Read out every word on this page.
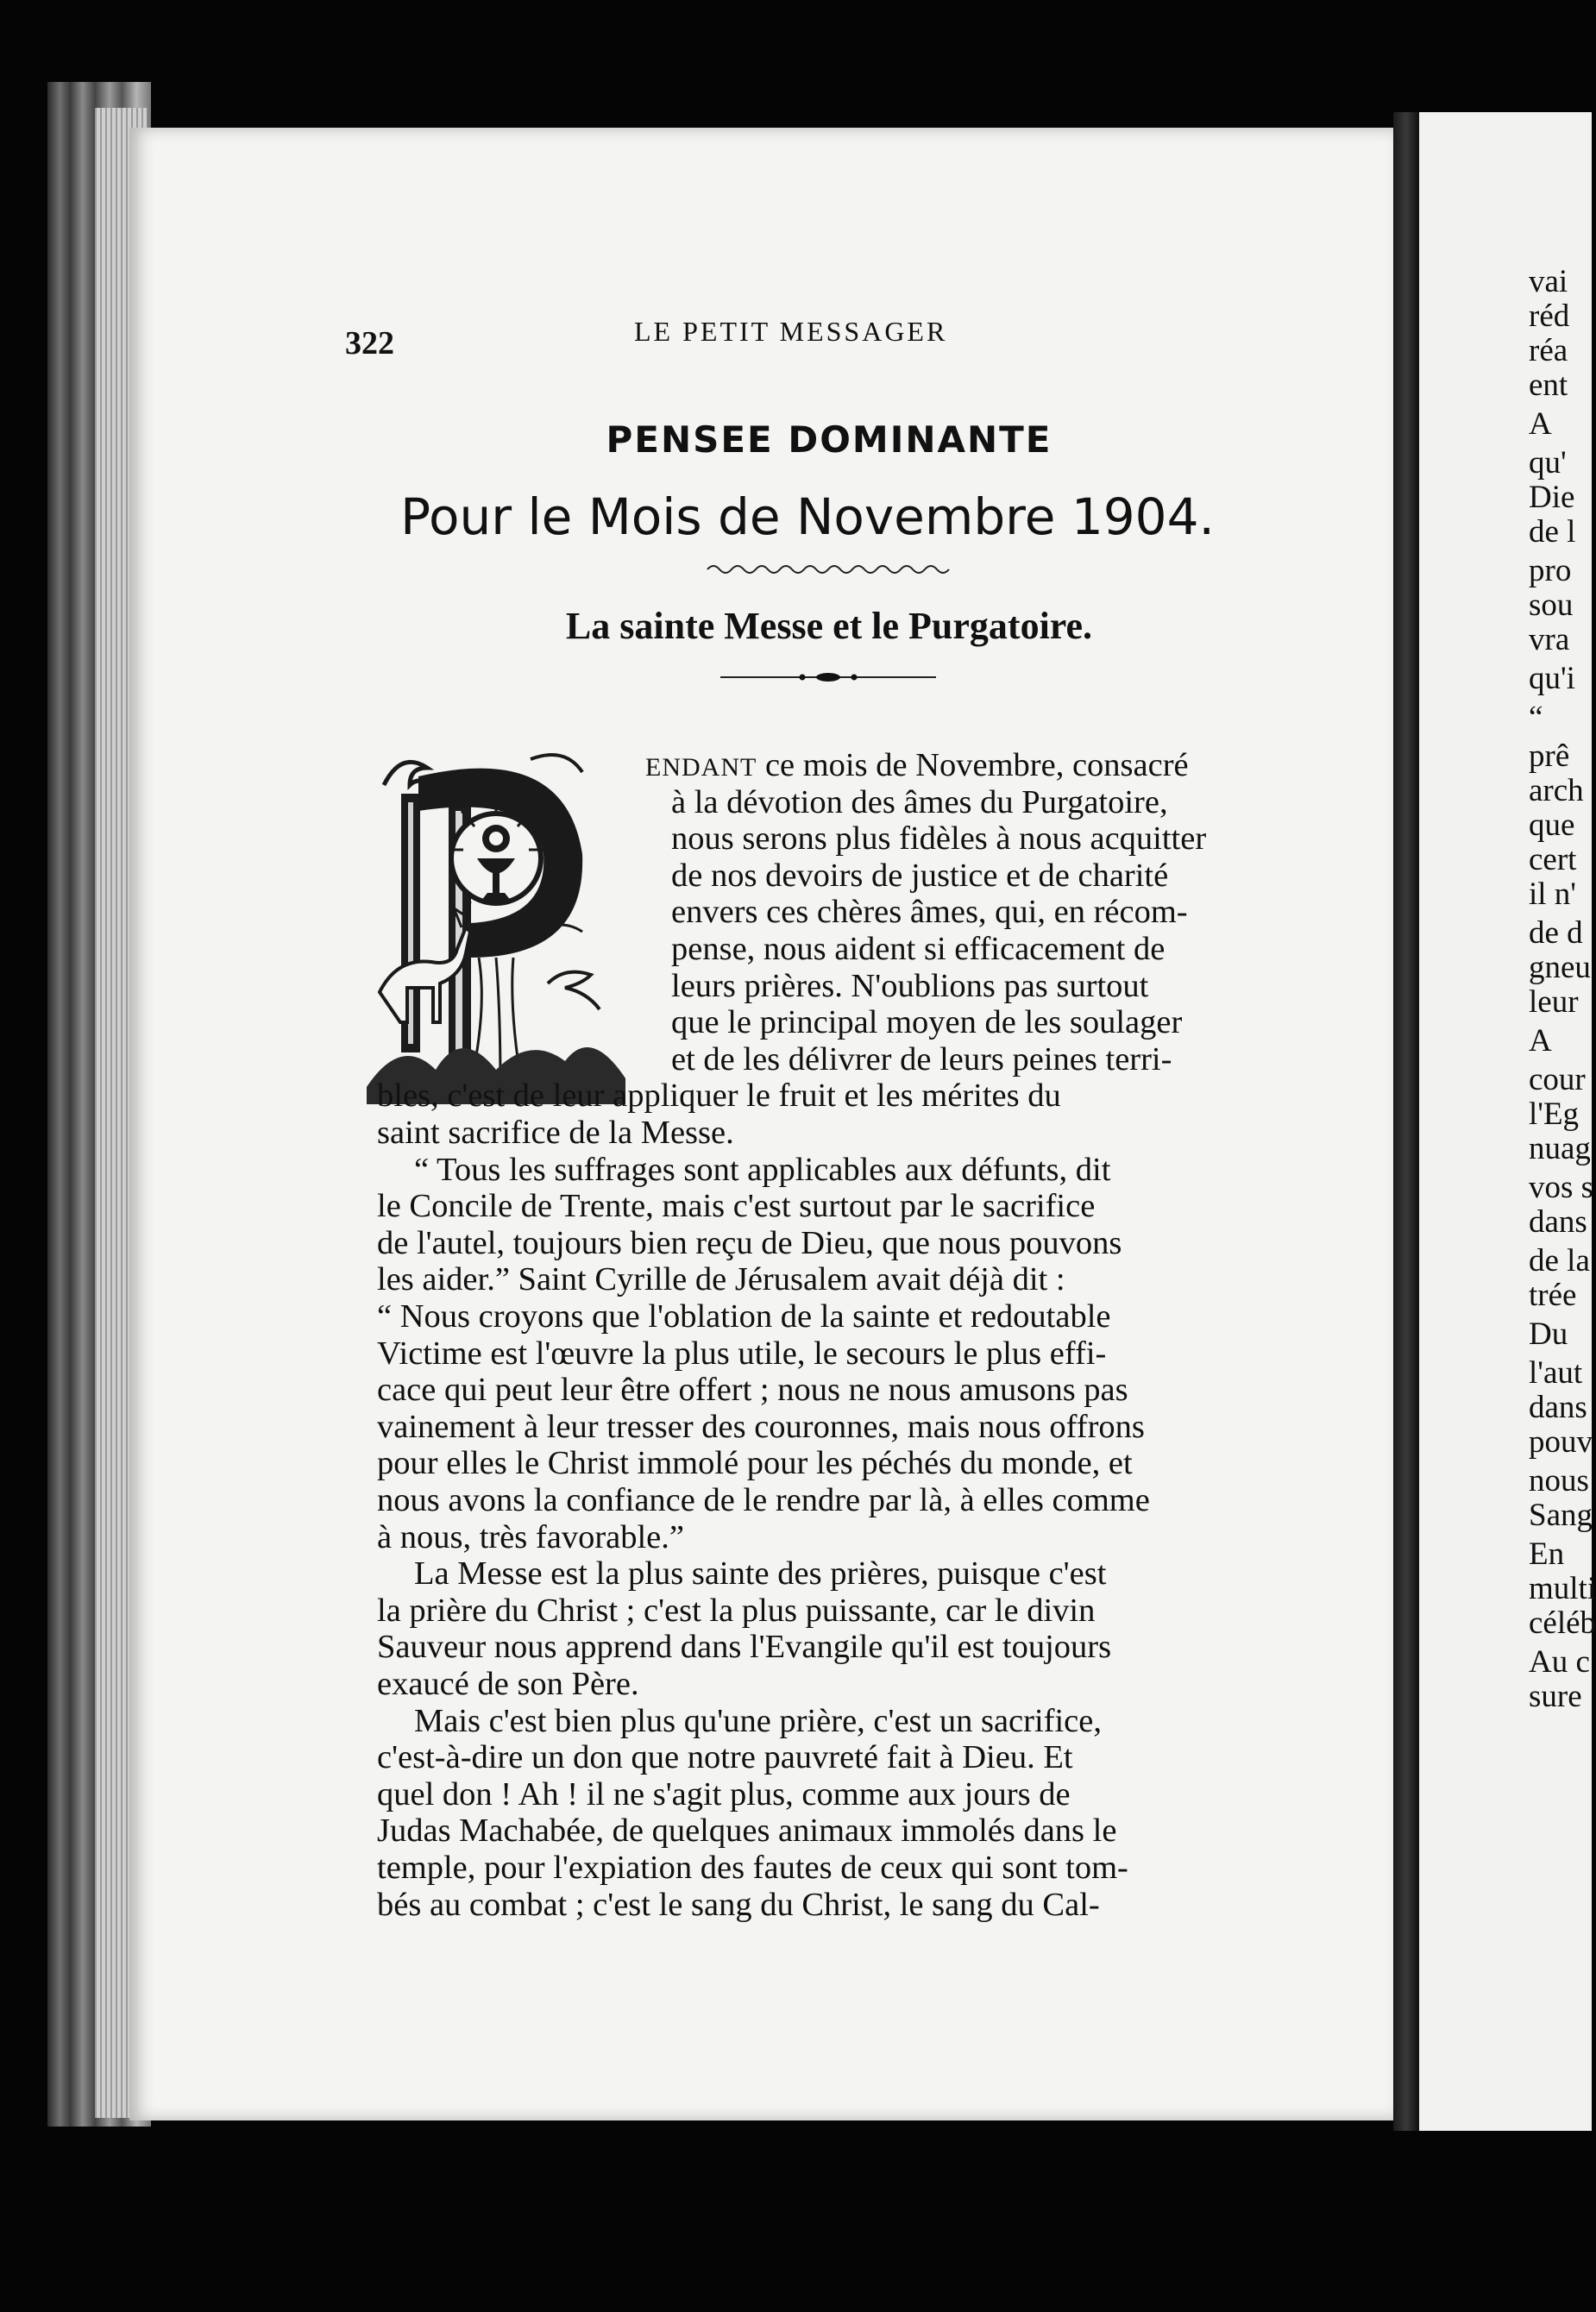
vai
réd
réa
ent
A
qu'
Die
de l
pro
sou
vra
qu'i
“
prê
arch
que
cert
il n'
de d
gneu
leur
A
cour
l'Eg
nuag
vos s
dans
de la
trée
Du
l'aut
dans
pouv
nous
Sang
En
multi
céléb
Au c
sure
322	LE PETIT MESSAGER
PENSEE DOMINANTE
Pour le Mois de Novembre 1904.
La sainte Messe et le Purgatoire.
ENDANT ce mois de Novembre, consacré
à la dévotion des âmes du Purgatoire,
nous serons plus fidèles à nous acquitter
de nos devoirs de justice et de charité
envers ces chères âmes, qui, en récom-
pense, nous aident si efficacement de
leurs prières. N'oublions pas surtout
que le principal moyen de les soulager
et de les délivrer de leurs peines terri-
bles, c'est de leur appliquer le fruit et les mérites du
saint sacrifice de la Messe.
“ Tous les suffrages sont applicables aux défunts, dit
le Concile de Trente, mais c'est surtout par le sacrifice
de l'autel, toujours bien reçu de Dieu, que nous pouvons
les aider.” Saint Cyrille de Jérusalem avait déjà dit :
“ Nous croyons que l'oblation de la sainte et redoutable
Victime est l'œuvre la plus utile, le secours le plus effi-
cace qui peut leur être offert ; nous ne nous amusons pas
vainement à leur tresser des couronnes, mais nous offrons
pour elles le Christ immolé pour les péchés du monde, et
nous avons la confiance de le rendre par là, à elles comme
à nous, très favorable.”
La Messe est la plus sainte des prières, puisque c'est
la prière du Christ ; c'est la plus puissante, car le divin
Sauveur nous apprend dans l'Evangile qu'il est toujours
exaucé de son Père.
Mais c'est bien plus qu'une prière, c'est un sacrifice,
c'est-à-dire un don que notre pauvreté fait à Dieu. Et
quel don ! Ah ! il ne s'agit plus, comme aux jours de
Judas Machabée, de quelques animaux immolés dans le
temple, pour l'expiation des fautes de ceux qui sont tom-
bés au combat ; c'est le sang du Christ, le sang du Cal-
